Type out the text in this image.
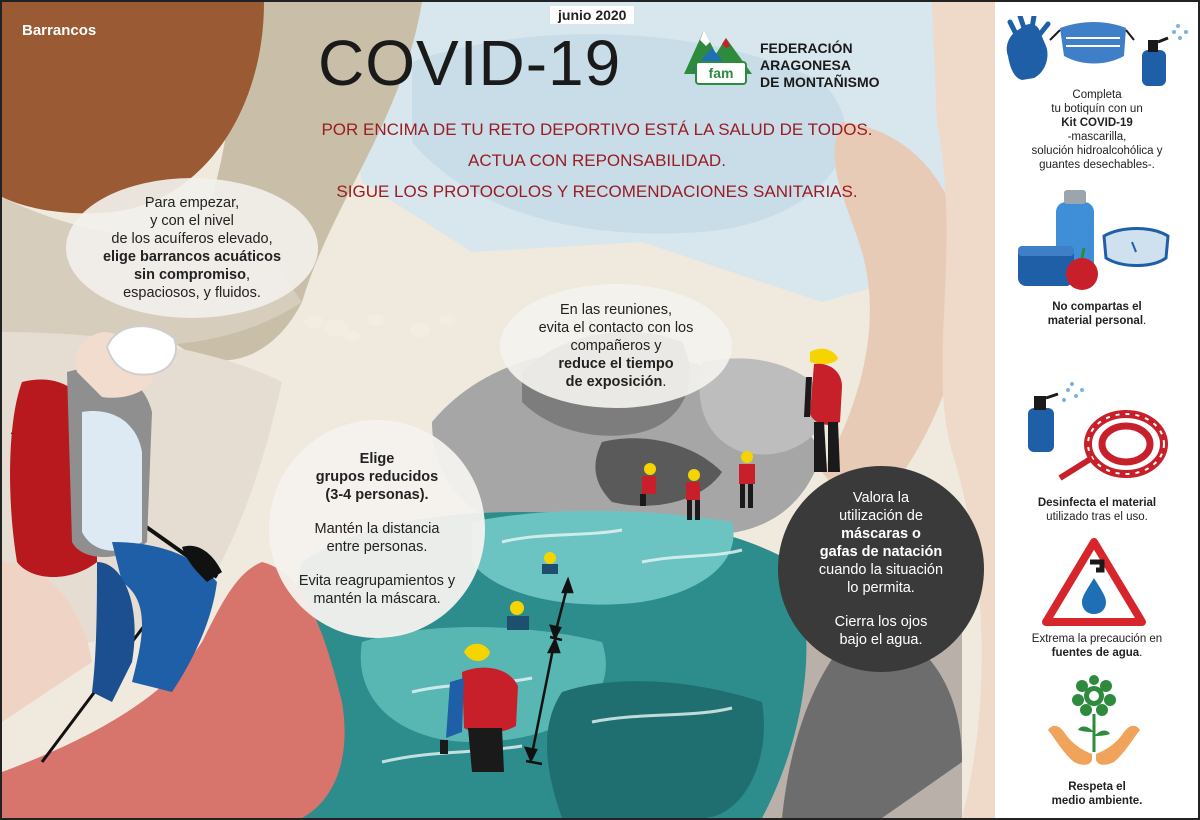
Barrancos
junio 2020
COVID-19	fam
FEDERACIÓN
ARAGONESA
DE MONTAÑISMO
POR ENCIMA DE TU RETO DEPORTIVO ESTÁ LA SALUD DE TODOS.
ACTUA CON REPONSABILIDAD.
SIGUE LOS PROTOCOLOS Y RECOMENDACIONES SANITARIAS.

Para empezar,

y con el nivel

de los acuíferos elevado,

elige barrancos acuáticos

sin compromiso,

espaciosos, y fluidos.

En las reuniones,

evita el contacto con los

compañeros y

reduce el tiempo

de exposición.

Elige

grupos reducidos

(3-4 personas).

Mantén la distancia

entre personas.

Evita reagrupamientos y

mantén la máscara.

Valora la

utilización de

máscaras o

gafas de natación

cuando la situación

lo permita.

Cierra los ojos

bajo el agua.

Completa
tu botiquín con un
Kit COVID-19
-mascarilla,
solución hidroalcohólica y
guantes desechables-.
No compartas el
material personal.
Desinfecta el material
utilizado tras el uso.
Extrema la precaución en
fuentes de agua.
Respeta el
medio ambiente.
